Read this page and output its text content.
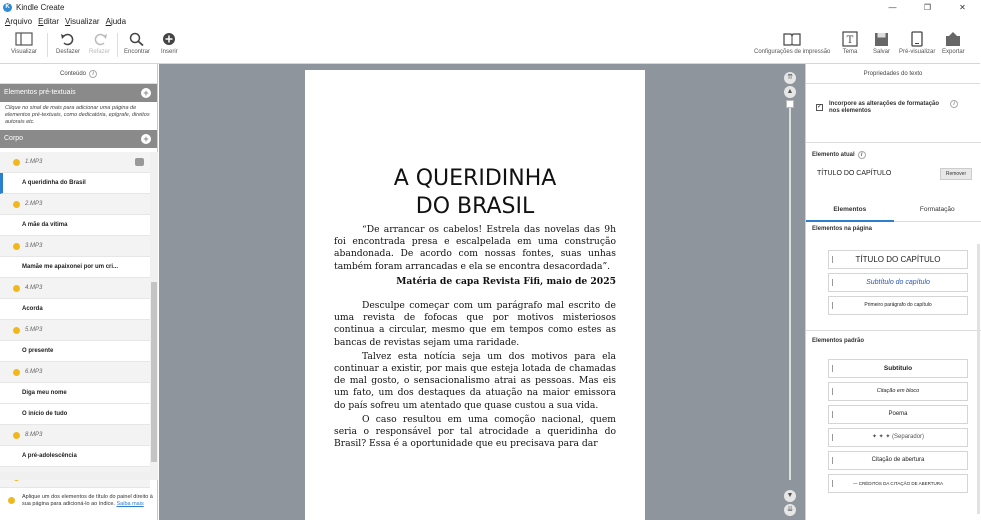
K Kindle Create	—	❐	✕
Arquivo Editar Visualizar Ajuda
Visualizar	Desfazer Refazer Encontrar Inserir	Configurações de impressão
T
Tema	Salvar Pré-visualizar Exportar
Conteúdo i
Elementos pré-textuais	+
Clique no sinal de mais para adicionar uma página de elementos pré-textuais, como dedicatória, epígrafe, direitos autorais etc.
Corpo	+
1.MP3
A queridinha do Brasil
2.MP3
A mãe da vítima
3.MP3
Mamãe me apaixonei por um cri...
4.MP3
Acorda
5.MP3
O presente
6.MP3
Diga meu nome
O início de tudo
8.MP3
A pré-adolescência
Aplique um dos elementos de título do painel direito à sua página para adicioná-lo ao índice. Saiba mais
A QUERIDINHA
DO BRASIL

“De arrancar os cabelos! Estrela das novelas das 9h foi encontrada presa e escalpelada em uma construção abandonada. De acordo com nossas fontes, suas unhas também foram arrancadas e ela se encontra desacordada”.

Matéria de capa Revista Fifi, maio de 2025

Desculpe começar com um parágrafo mal escrito de uma revista de fofocas que por motivos misteriosos continua a circular, mesmo que em tempos como estes as bancas de revistas sejam uma raridade.

Talvez esta notícia seja um dos motivos para ela continuar a existir, por mais que esteja lotada de chamadas de mal gosto, o sensacionalismo atrai as pessoas. Mas eis um fato, um dos destaques da atuação na maior emissora do país sofreu um atentado que quase custou a sua vida.

O caso resultou em uma comoção nacional, quem seria o responsável por tal atrocidade a queridinha do Brasil? Essa é a oportunidade que eu precisava para dar

⇈
▲
▼
⇊
Propriedades do texto
✓ Incorpore as alterações de formatação nos elementos
i
Elemento atual i
TÍTULO DO CAPÍTULO	Remover
Elementos	Formatação
Elementos na página
TÍTULO DO CAPÍTULO
Subtítulo do capítulo
Primeiro parágrafo do capítulo
Elementos padrão
Subtítulo
Citação em bloco
Poema
✦ ✦ ✦ (Separador)
Citação de abertura
— CRÉDITOS DA CITAÇÃO DE ABERTURA
